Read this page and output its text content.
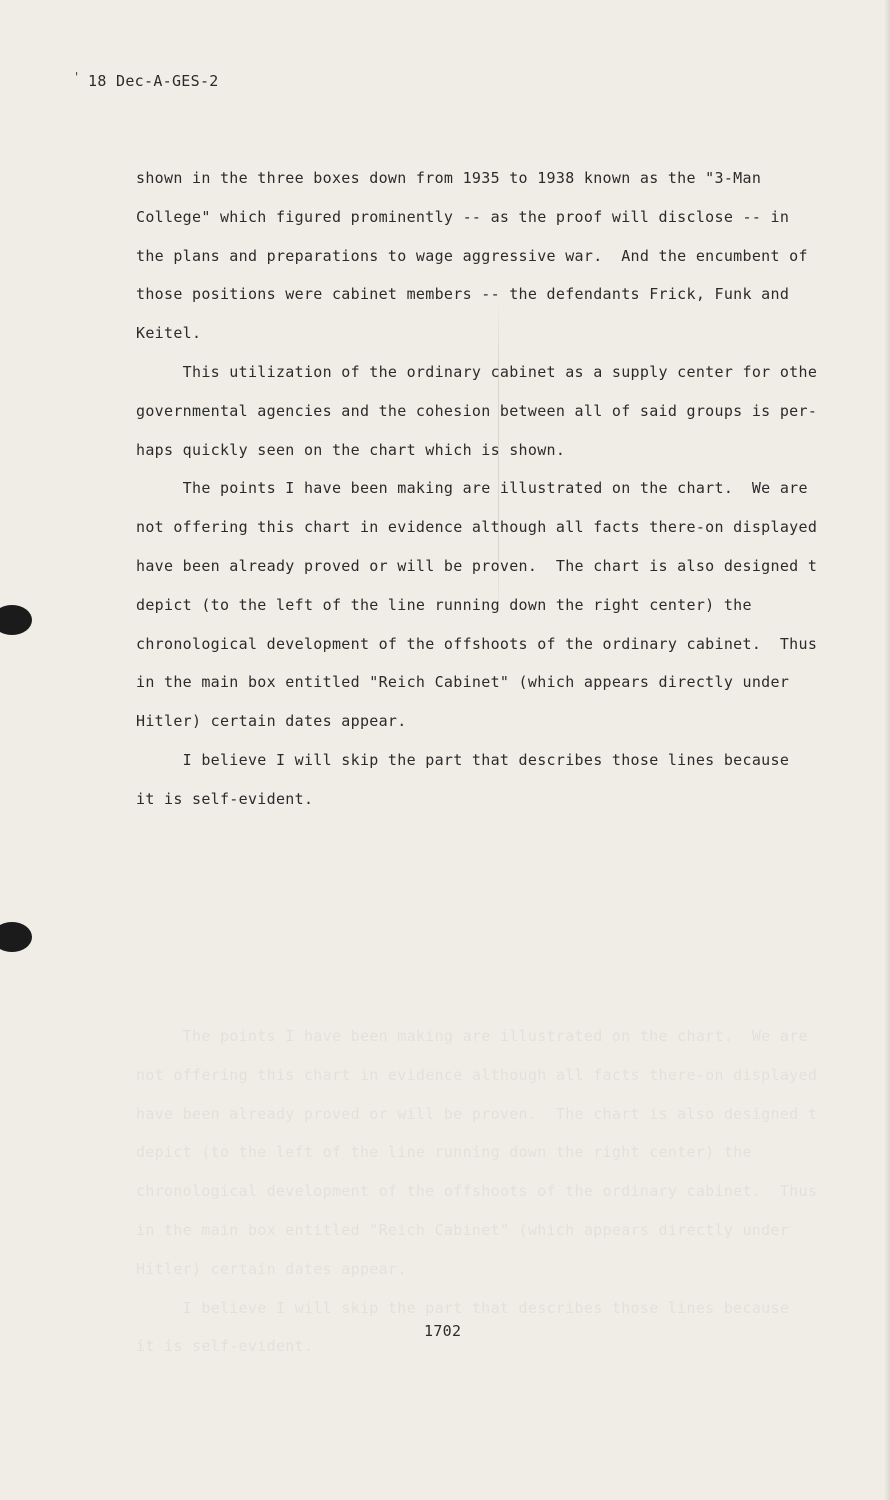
' 18 Dec-A-GES-2
shown in the three boxes down from 1935 to 1938 known as the "3-Man
College" which figured prominently -- as the proof will disclose -- in
the plans and preparations to wage aggressive war.  And the encumbent of
those positions were cabinet members -- the defendants Frick, Funk and
Keitel.
This utilization of the ordinary cabinet as a supply center for othe
governmental agencies and the cohesion between all of said groups is per-
haps quickly seen on the chart which is shown.
The points I have been making are illustrated on the chart.  We are
not offering this chart in evidence although all facts there-on displayed
have been already proved or will be proven.  The chart is also designed t
depict (to the left of the line running down the right center) the
chronological development of the offshoots of the ordinary cabinet.  Thus
in the main box entitled "Reich Cabinet" (which appears directly under
Hitler) certain dates appear.
I believe I will skip the part that describes those lines because
it is self-evident.
The points I have been making are illustrated on the chart.  We are
not offering this chart in evidence although all facts there-on displayed
have been already proved or will be proven.  The chart is also designed t
depict (to the left of the line running down the right center) the
chronological development of the offshoots of the ordinary cabinet.  Thus
in the main box entitled "Reich Cabinet" (which appears directly under
Hitler) certain dates appear.
I believe I will skip the part that describes those lines because
it is self-evident.
1702
